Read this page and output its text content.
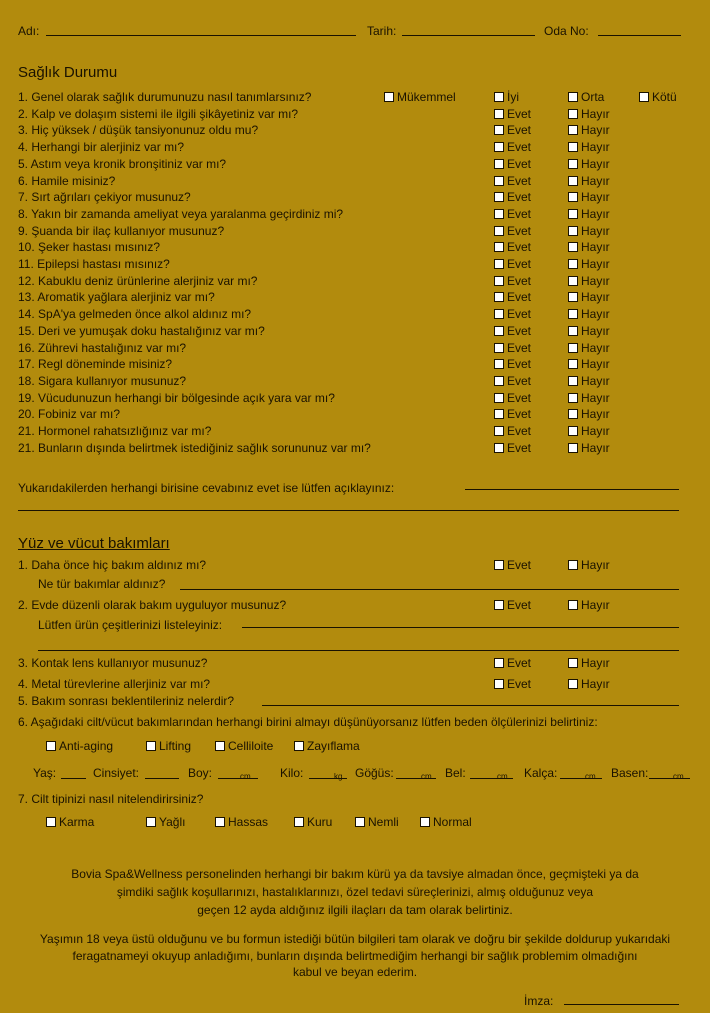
Adı:	Tarih:	Oda No:
Sağlık Durumu
1. Genel olarak sağlık durumunuzu nasıl tanımlarsınız?	Mükemmel	İyi	Orta	Kötü
2. Kalp ve dolaşım sistemi ile ilgili şikâyetiniz var mı?	Evet	Hayır
3. Hiç yüksek / düşük tansiyonunuz oldu mu?	Evet	Hayır
4. Herhangi bir alerjiniz var mı?	Evet	Hayır
5. Astım veya kronik bronşitiniz var mı?	Evet	Hayır
6. Hamile misiniz?	Evet	Hayır
7. Sırt ağrıları çekiyor musunuz?	Evet	Hayır
8. Yakın bir zamanda ameliyat veya yaralanma geçirdiniz mi?	Evet	Hayır
9. Şuanda bir ilaç kullanıyor musunuz?	Evet	Hayır
10. Şeker hastası mısınız?	Evet	Hayır
11. Epilepsi hastası mısınız?	Evet	Hayır
12. Kabuklu deniz ürünlerine alerjiniz var mı?	Evet	Hayır
13. Aromatik yağlara alerjiniz var mı?	Evet	Hayır
14. SpA'ya gelmeden önce alkol aldınız mı?	Evet	Hayır
15. Deri ve yumuşak doku hastalığınız var mı?	Evet	Hayır
16. Zührevi hastalığınız var mı?	Evet	Hayır
17. Regl döneminde misiniz?	Evet	Hayır
18. Sigara kullanıyor musunuz?	Evet	Hayır
19. Vücudunuzun herhangi bir bölgesinde açık yara var mı?	Evet	Hayır
20. Fobiniz var mı?	Evet	Hayır
21. Hormonel rahatsızlığınız var mı?	Evet	Hayır
21. Bunların dışında belirtmek istediğiniz sağlık sorununuz var mı?	Evet	Hayır
Yukarıdakilerden herhangi birisine cevabınız evet ise lütfen açıklayınız:
Yüz ve vücut bakımları
1. Daha önce hiç bakım aldınız mı?	Evet	Hayır
Ne tür bakımlar aldınız?
2. Evde düzenli olarak bakım uyguluyor musunuz?	Evet	Hayır
Lütfen ürün çeşitlerinizi listeleyiniz:
3. Kontak lens kullanıyor musunuz?	Evet	Hayır
4. Metal türevlerine allerjiniz var mı?	Evet	Hayır
5. Bakım sonrası beklentileriniz nelerdir?
6. Aşağıdaki cilt/vücut bakımlarından herhangi birini almayı düşünüyorsanız lütfen beden ölçülerinizi belirtiniz:
Anti-aging	Lifting	Celliloite	Zayıflama
Yaş:	Cinsiyet:	Boy:	cm. Kilo:	kg. Göğüs:	cm. Bel:	cm. Kalça:	cm. Basen:	cm.
7. Cilt tipinizi nasıl nitelendirirsiniz?
Karma	Yağlı	Hassas	Kuru	Nemli	Normal
Bovia Spa&Wellness personelinden herhangi bir bakım kürü ya da tavsiye almadan önce, geçmişteki ya da
şimdiki sağlık koşullarınızı, hastalıklarınızı, özel tedavi süreçlerinizi, almış olduğunuz veya
geçen 12 ayda aldığınız ilgili ilaçları da tam olarak belirtiniz.
Yaşımın 18 veya üstü olduğunu ve bu formun istediği bütün bilgileri tam olarak ve doğru bir şekilde doldurup yukarıdaki
feragatnameyi okuyup anladığımı, bunların dışında belirtmediğim herhangi bir sağlık problemim olmadığını
kabul ve beyan ederim.
İmza:
